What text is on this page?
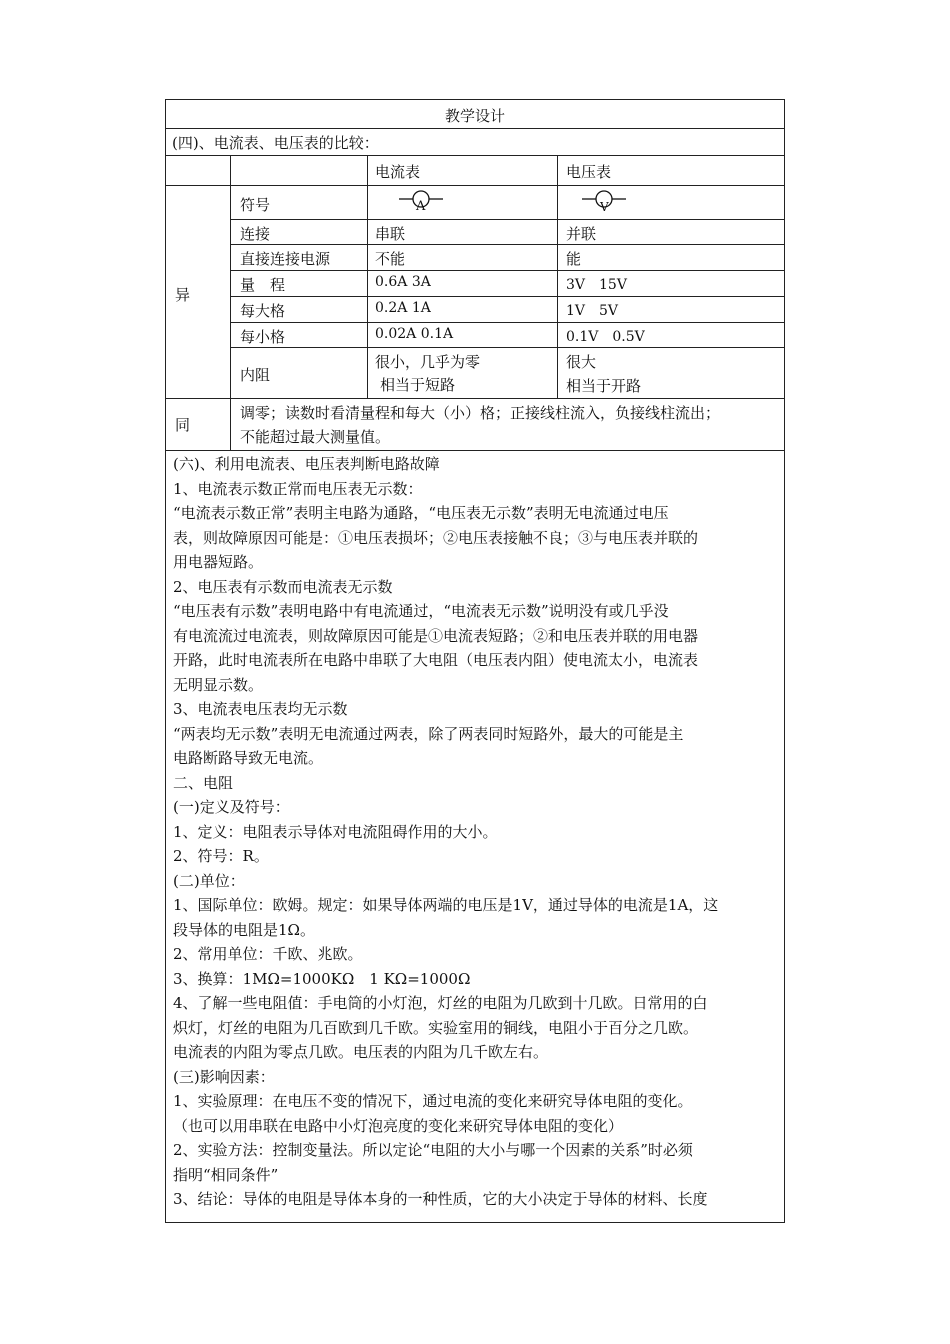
教学设计
(四)、电流表、电压表的比较：
电流表	电压表
异
符号
连接
直接连接电源
量　程
每大格
每小格
内阻
A	V
串联
不能
0.6A 3A
0.2A 1A
0.02A 0.1A
很小，几乎为零
相当于短路
并联
能
3V　15V
1V　5V
0.1V　0.5V
很大
相当于开路
同
调零；读数时看清量程和每大（小）格；正接线柱流入，负接线柱流出；
不能超过最大测量值。

(六)、利用电流表、电压表判断电路故障

1、电流表示数正常而电压表无示数：

“电流表示数正常”表明主电路为通路，“电压表无示数”表明无电流通过电压

表，则故障原因可能是：①电压表损坏；②电压表接触不良；③与电压表并联的

用电器短路。

2、电压表有示数而电流表无示数

“电压表有示数”表明电路中有电流通过，“电流表无示数”说明没有或几乎没

有电流流过电流表，则故障原因可能是①电流表短路；②和电压表并联的用电器

开路，此时电流表所在电路中串联了大电阻（电压表内阻）使电流太小，电流表

无明显示数。

3、电流表电压表均无示数

“两表均无示数”表明无电流通过两表，除了两表同时短路外，最大的可能是主

电路断路导致无电流。

二、电阻

(一)定义及符号：

1、定义：电阻表示导体对电流阻碍作用的大小。

2、符号：R。

(二)单位：

1、国际单位：欧姆。规定：如果导体两端的电压是1V，通过导体的电流是1A，这

段导体的电阻是1Ω。

2、常用单位：千欧、兆欧。

3、换算：1MΩ=1000KΩ　1 KΩ=1000Ω

4、了解一些电阻值：手电筒的小灯泡，灯丝的电阻为几欧到十几欧。日常用的白

炽灯，灯丝的电阻为几百欧到几千欧。实验室用的铜线，电阻小于百分之几欧。

电流表的内阻为零点几欧。电压表的内阻为几千欧左右。

(三)影响因素：

1、实验原理：在电压不变的情况下，通过电流的变化来研究导体电阻的变化。

（也可以用串联在电路中小灯泡亮度的变化来研究导体电阻的变化）

2、实验方法：控制变量法。所以定论“电阻的大小与哪一个因素的关系”时必须

指明“相同条件”

3、结论：导体的电阻是导体本身的一种性质，它的大小决定于导体的材料、长度
